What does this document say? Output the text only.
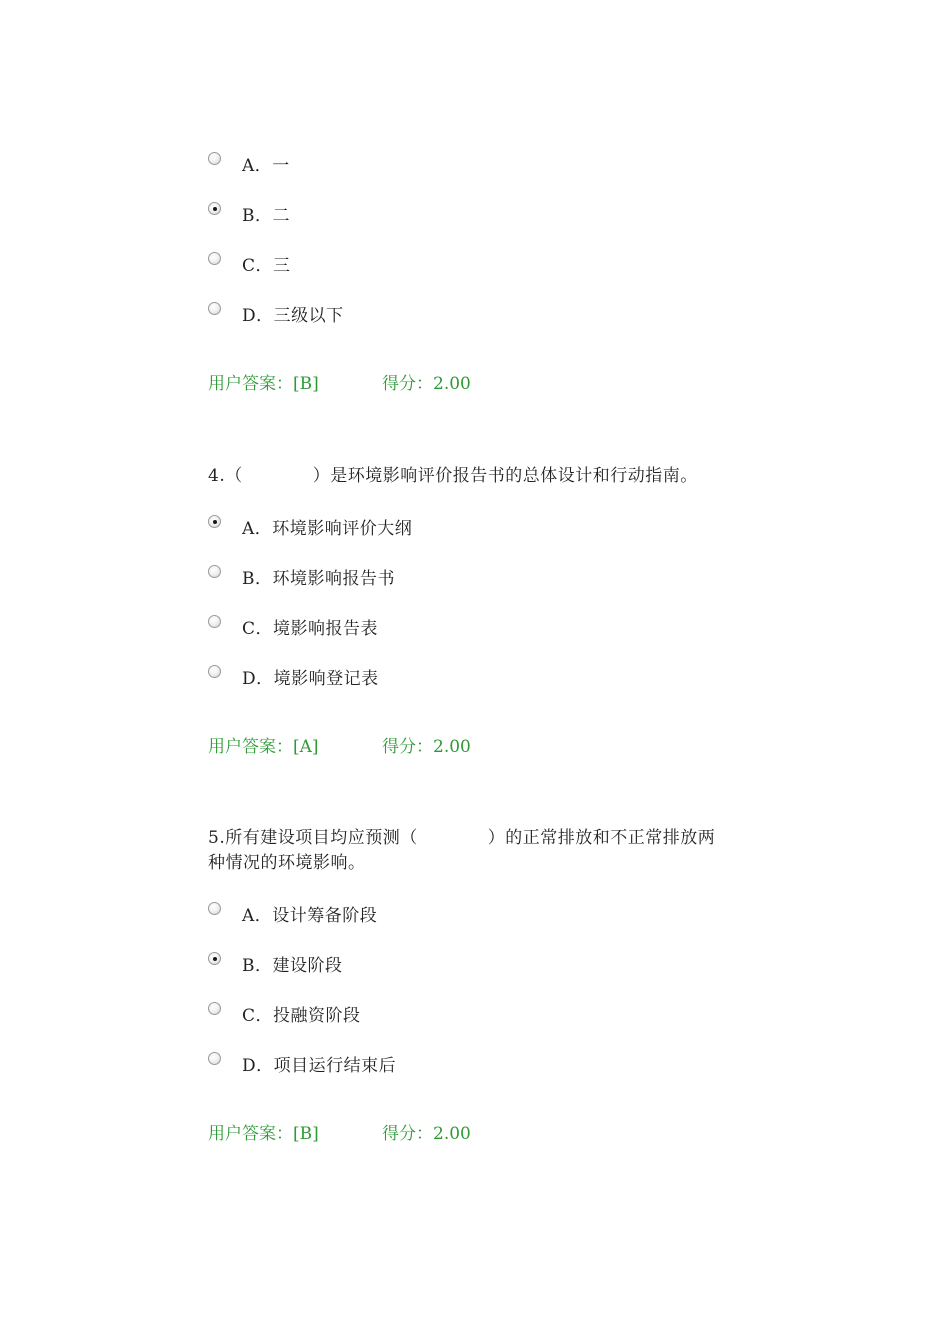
A．一
B．二
C．三
D．三级以下
用户答案：[B]	得分：2.00
4.（　　　　）是环境影响评价报告书的总体设计和行动指南。
A．环境影响评价大纲
B．环境影响报告书
C．境影响报告表
D．境影响登记表
用户答案：[A]	得分：2.00
5.所有建设项目均应预测（　　　　）的正常排放和不正常排放两
种情况的环境影响。
A．设计筹备阶段
B．建设阶段
C．投融资阶段
D．项目运行结束后
用户答案：[B]	得分：2.00
